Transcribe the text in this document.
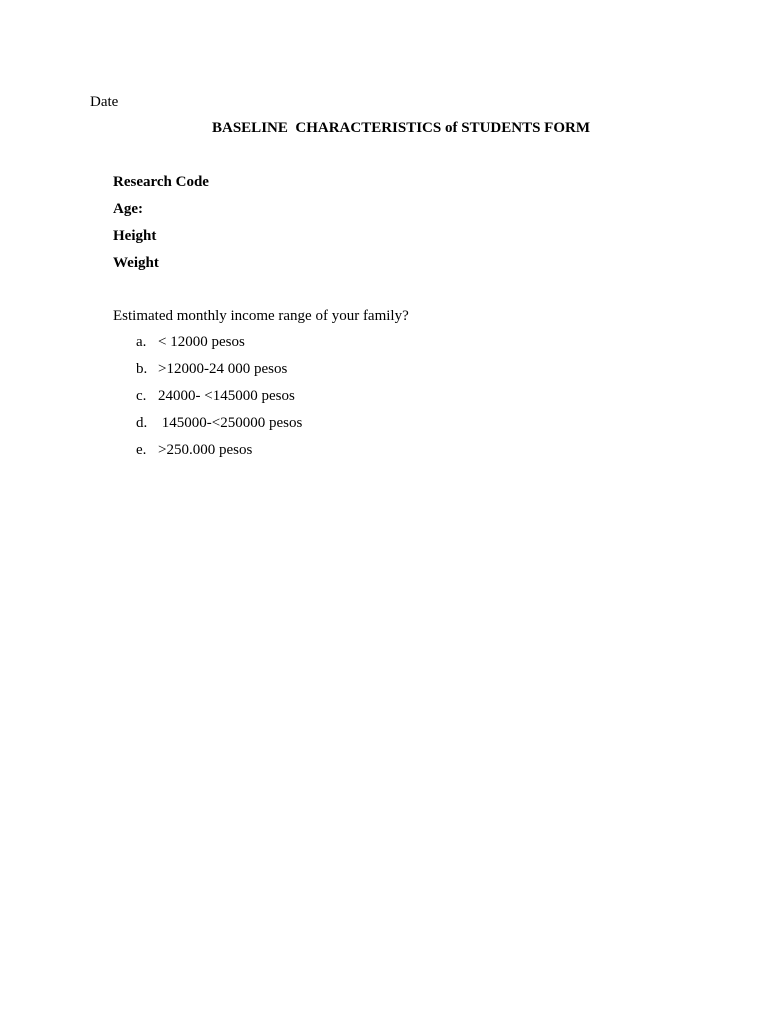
Date
BASELINE  CHARACTERISTICS of STUDENTS FORM
Research Code
Age:
Height
Weight
Estimated monthly income range of your family?
a. < 12000 pesos
b. >12000-24 000 pesos
c. 24000- <145000 pesos
d. 145000-<250000 pesos
e. >250.000 pesos
